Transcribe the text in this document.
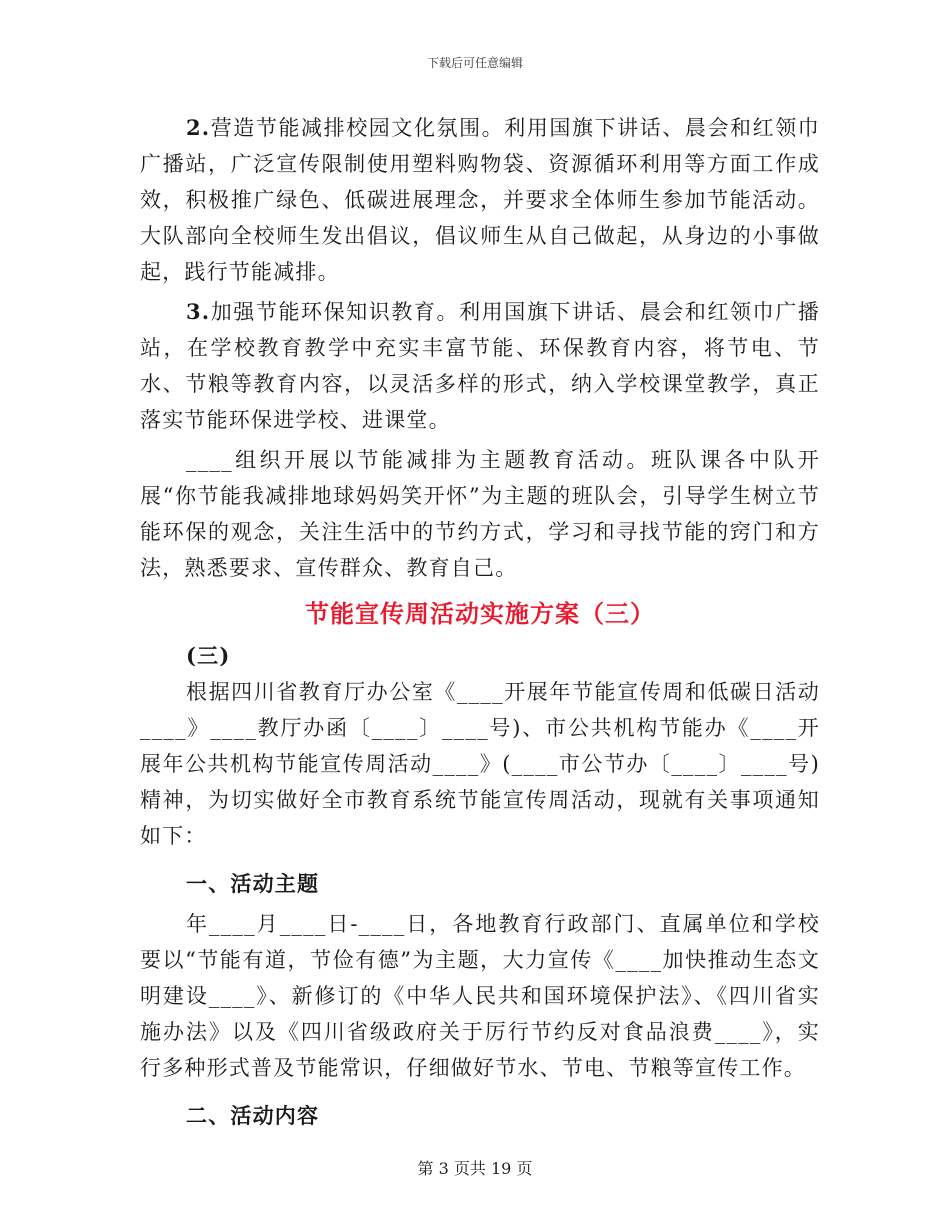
下载后可任意编辑

2.营造节能减排校园文化氛围。利用国旗下讲话、晨会和红领巾广播站，广泛宣传限制使用塑料购物袋、资源循环利用等方面工作成效，积极推广绿色、低碳进展理念，并要求全体师生参加节能活动。大队部向全校师生发出倡议，倡议师生从自己做起，从身边的小事做起，践行节能减排。

3.加强节能环保知识教育。利用国旗下讲话、晨会和红领巾广播站，在学校教育教学中充实丰富节能、环保教育内容，将节电、节水、节粮等教育内容，以灵活多样的形式，纳入学校课堂教学，真正落实节能环保进学校、进课堂。

____组织开展以节能减排为主题教育活动。班队课各中队开展“你节能我减排地球妈妈笑开怀”为主题的班队会，引导学生树立节能环保的观念，关注生活中的节约方式，学习和寻找节能的窍门和方法，熟悉要求、宣传群众、教育自己。

节能宣传周活动实施方案（三）

(三)

根据四川省教育厅办公室《____开展年节能宣传周和低碳日活动____》____教厅办函〔____〕____号)、市公共机构节能办《____开展年公共机构节能宣传周活动____》(____市公节办〔____〕____号)精神，为切实做好全市教育系统节能宣传周活动，现就有关事项通知如下：

一、活动主题

年____月____日-____日，各地教育行政部门、直属单位和学校要以“节能有道，节俭有德”为主题，大力宣传《____加快推动生态文明建设____》、新修订的《中华人民共和国环境保护法》、《四川省实施办法》以及《四川省级政府关于厉行节约反对食品浪费____》，实行多种形式普及节能常识，仔细做好节水、节电、节粮等宣传工作。

二、活动内容

第 3 页共 19 页
